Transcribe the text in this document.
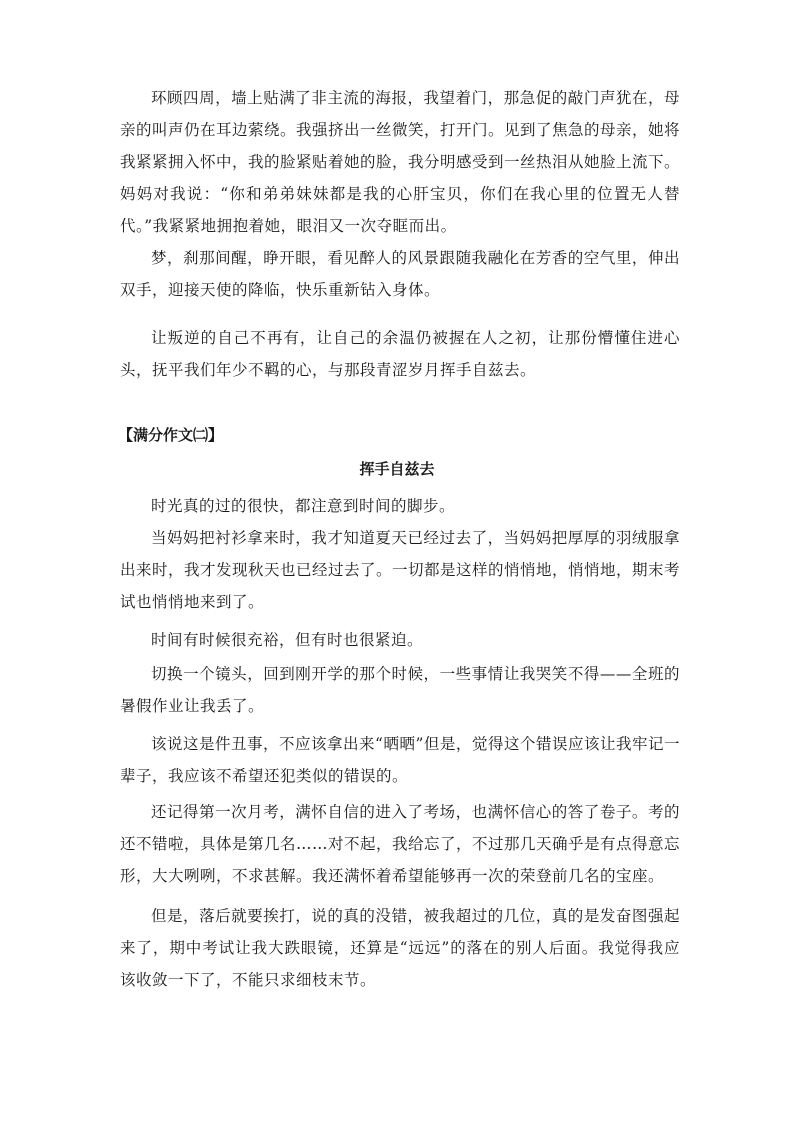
环顾四周，墙上贴满了非主流的海报，我望着门，那急促的敲门声犹在，母亲的叫声仍在耳边萦绕。我强挤出一丝微笑，打开门。见到了焦急的母亲，她将我紧紧拥入怀中，我的脸紧贴着她的脸，我分明感受到一丝热泪从她脸上流下。妈妈对我说：“你和弟弟妹妹都是我的心肝宝贝，你们在我心里的位置无人替代。”我紧紧地拥抱着她，眼泪又一次夺眶而出。

梦，刹那间醒，睁开眼，看见醉人的风景跟随我融化在芳香的空气里，伸出双手，迎接天使的降临，快乐重新钻入身体。

让叛逆的自己不再有，让自己的余温仍被握在人之初，让那份懵懂住进心头，抚平我们年少不羁的心，与那段青涩岁月挥手自兹去。

【满分作文㈡】
挥手自兹去

时光真的过的很快，都注意到时间的脚步。

当妈妈把衬衫拿来时，我才知道夏天已经过去了，当妈妈把厚厚的羽绒服拿出来时，我才发现秋天也已经过去了。一切都是这样的悄悄地，悄悄地，期末考试也悄悄地来到了。

时间有时候很充裕，但有时也很紧迫。

切换一个镜头，回到刚开学的那个时候，一些事情让我哭笑不得——全班的暑假作业让我丢了。

该说这是件丑事，不应该拿出来“晒晒”但是，觉得这个错误应该让我牢记一辈子，我应该不希望还犯类似的错误的。

还记得第一次月考，满怀自信的进入了考场，也满怀信心的答了卷子。考的还不错啦，具体是第几名……对不起，我给忘了，不过那几天确乎是有点得意忘形，大大咧咧，不求甚解。我还满怀着希望能够再一次的荣登前几名的宝座。

但是，落后就要挨打，说的真的没错，被我超过的几位，真的是发奋图强起来了，期中考试让我大跌眼镜，还算是“远远”的落在的别人后面。我觉得我应该收敛一下了，不能只求细枝末节。
